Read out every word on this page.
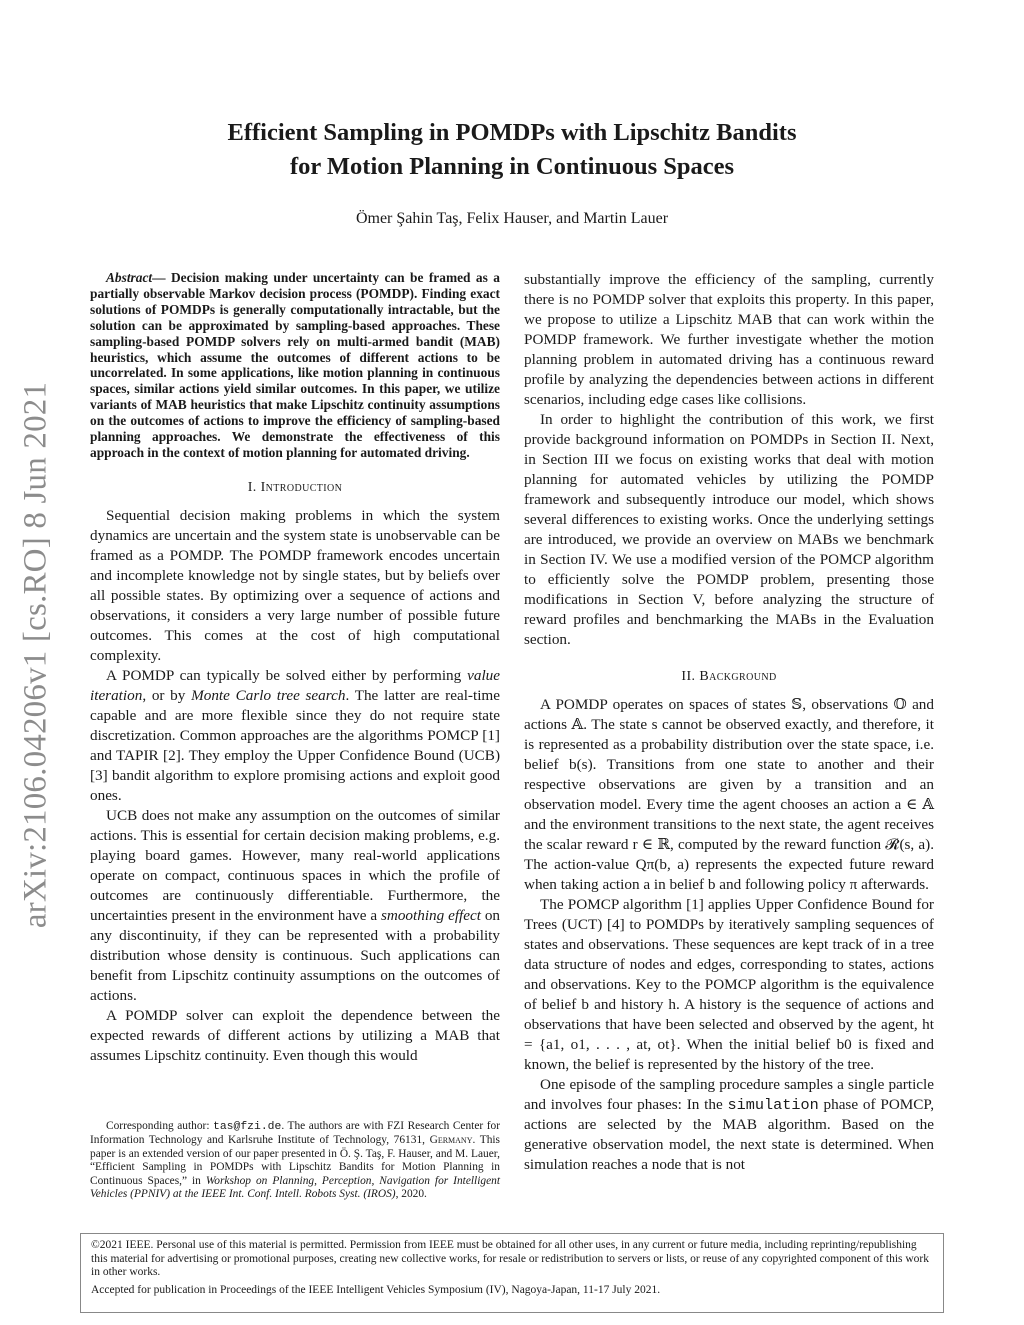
arXiv:2106.04206v1 [cs.RO] 8 Jun 2021
Efficient Sampling in POMDPs with Lipschitz Bandits
for Motion Planning in Continuous Spaces
Ömer Şahin Taş, Felix Hauser, and Martin Lauer

Abstract— Decision making under uncertainty can be framed as a partially observable Markov decision process (POMDP). Finding exact solutions of POMDPs is generally computationally intractable, but the solution can be approximated by sampling-based approaches. These sampling-based POMDP solvers rely on multi-armed bandit (MAB) heuristics, which assume the outcomes of different actions to be uncorrelated. In some applications, like motion planning in continuous spaces, similar actions yield similar outcomes. In this paper, we utilize variants of MAB heuristics that make Lipschitz continuity assumptions on the outcomes of actions to improve the efficiency of sampling-based planning approaches. We demonstrate the effectiveness of this approach in the context of motion planning for automated driving.

I. Introduction

Sequential decision making problems in which the system dynamics are uncertain and the system state is unobservable can be framed as a POMDP. The POMDP framework encodes uncertain and incomplete knowledge not by single states, but by beliefs over all possible states. By optimizing over a sequence of actions and observations, it considers a very large number of possible future outcomes. This comes at the cost of high computational complexity.

A POMDP can typically be solved either by performing value iteration, or by Monte Carlo tree search. The latter are real-time capable and are more flexible since they do not require state discretization. Common approaches are the algorithms POMCP [1] and TAPIR [2]. They employ the Upper Confidence Bound (UCB) [3] bandit algorithm to explore promising actions and exploit good ones.

UCB does not make any assumption on the outcomes of similar actions. This is essential for certain decision making problems, e.g. playing board games. However, many real-world applications operate on compact, continuous spaces in which the profile of outcomes are continuously differentiable. Furthermore, the uncertainties present in the environment have a smoothing effect on any discontinuity, if they can be represented with a probability distribution whose density is continuous. Such applications can benefit from Lipschitz continuity assumptions on the outcomes of actions.

A POMDP solver can exploit the dependence between the expected rewards of different actions by utilizing a MAB that assumes Lipschitz continuity. Even though this would

Corresponding author: tas@fzi.de. The authors are with FZI Research Center for Information Technology and Karlsruhe Institute of Technology, 76131, Germany. This paper is an extended version of our paper presented in Ö. Ş. Taş, F. Hauser, and M. Lauer, “Efficient Sampling in POMDPs with Lipschitz Bandits for Motion Planning in Continuous Spaces,” in Workshop on Planning, Perception, Navigation for Intelligent Vehicles (PPNIV) at the IEEE Int. Conf. Intell. Robots Syst. (IROS), 2020.

substantially improve the efficiency of the sampling, currently there is no POMDP solver that exploits this property. In this paper, we propose to utilize a Lipschitz MAB that can work within the POMDP framework. We further investigate whether the motion planning problem in automated driving has a continuous reward profile by analyzing the dependencies between actions in different scenarios, including edge cases like collisions.

In order to highlight the contribution of this work, we first provide background information on POMDPs in Section II. Next, in Section III we focus on existing works that deal with motion planning for automated vehicles by utilizing the POMDP framework and subsequently introduce our model, which shows several differences to existing works. Once the underlying settings are introduced, we provide an overview on MABs we benchmark in Section IV. We use a modified version of the POMCP algorithm to efficiently solve the POMDP problem, presenting those modifications in Section V, before analyzing the structure of reward profiles and benchmarking the MABs in the Evaluation section.

II. Background

A POMDP operates on spaces of states 𝕊, observations 𝕆 and actions 𝔸. The state s cannot be observed exactly, and therefore, it is represented as a probability distribution over the state space, i.e. belief b(s). Transitions from one state to another and their respective observations are given by a transition and an observation model. Every time the agent chooses an action a ∈ 𝔸 and the environment transitions to the next state, the agent receives the scalar reward r ∈ ℝ, computed by the reward function 𝓡(s, a). The action-value Qπ(b, a) represents the expected future reward when taking action a in belief b and following policy π afterwards.

The POMCP algorithm [1] applies Upper Confidence Bound for Trees (UCT) [4] to POMDPs by iteratively sampling sequences of states and observations. These sequences are kept track of in a tree data structure of nodes and edges, corresponding to states, actions and observations. Key to the POMCP algorithm is the equivalence of belief b and history h. A history is the sequence of actions and observations that have been selected and observed by the agent, ht = {a1, o1, . . . , at, ot}. When the initial belief b0 is fixed and known, the belief is represented by the history of the tree.

One episode of the sampling procedure samples a single particle and involves four phases: In the simulation phase of POMCP, actions are selected by the MAB algorithm. Based on the generative observation model, the next state is determined. When simulation reaches a node that is not

©2021 IEEE. Personal use of this material is permitted. Permission from IEEE must be obtained for all other uses, in any current or future media, including reprinting/republishing this material for advertising or promotional purposes, creating new collective works, for resale or redistribution to servers or lists, or reuse of any copyrighted component of this work in other works.

Accepted for publication in Proceedings of the IEEE Intelligent Vehicles Symposium (IV), Nagoya-Japan, 11-17 July 2021.
